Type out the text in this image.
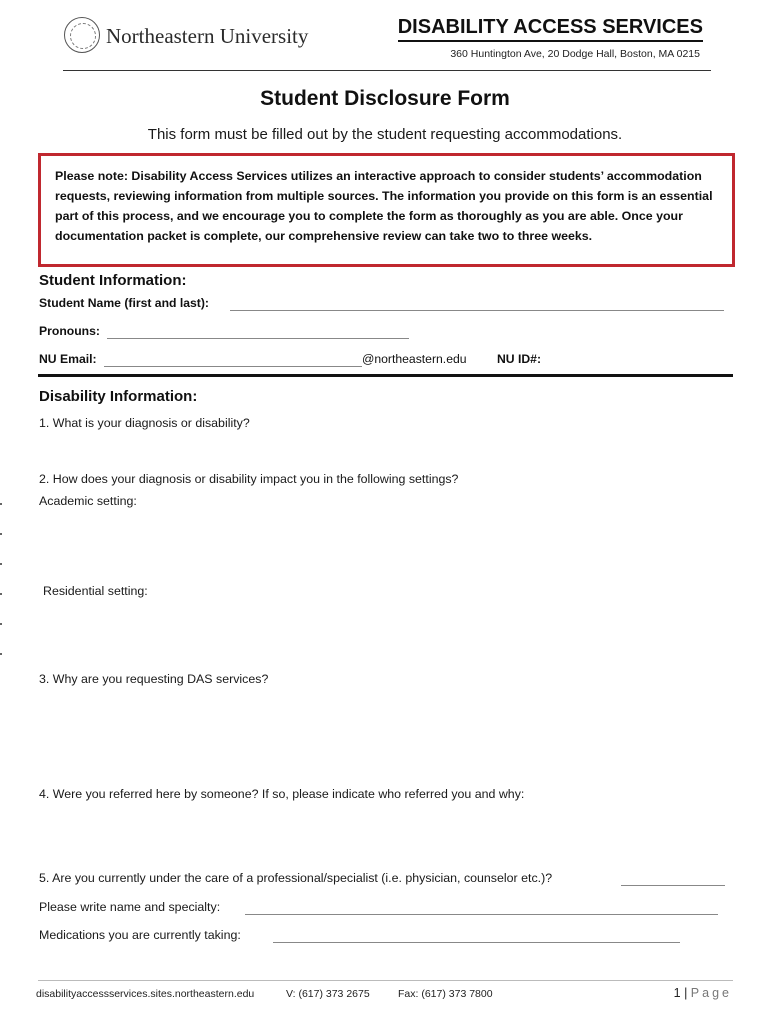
Northeastern University	DISABILITY ACCESS SERVICES
360 Huntington Ave, 20 Dodge Hall, Boston, MA 0215
Student Disclosure Form
This form must be filled out by the student requesting accommodations.
Please note: Disability Access Services utilizes an interactive approach to consider students’ accommodation requests, reviewing information from multiple sources. The information you provide on this form is an essential part of this process, and we encourage you to complete the form as thoroughly as you are able. Once your documentation packet is complete, our comprehensive review can take two to three weeks.
Student Information:
Student Name (first and last):
Pronouns:
NU Email:	@northeastern.edu NU ID#:
Disability Information:
1. What is your diagnosis or disability?
2. How does your diagnosis or disability impact you in the following settings?
Academic setting:
Residential setting:
3. Why are you requesting DAS services?
4. Were you referred here by someone? If so, please indicate who referred you and why:
5. Are you currently under the care of a professional/specialist (i.e. physician, counselor etc.)?
Please write name and specialty:
Medications you are currently taking:
disabilityaccessservices.sites.northeastern.edu	V: (617) 373 2675	Fax: (617) 373 7800	1 | Page
